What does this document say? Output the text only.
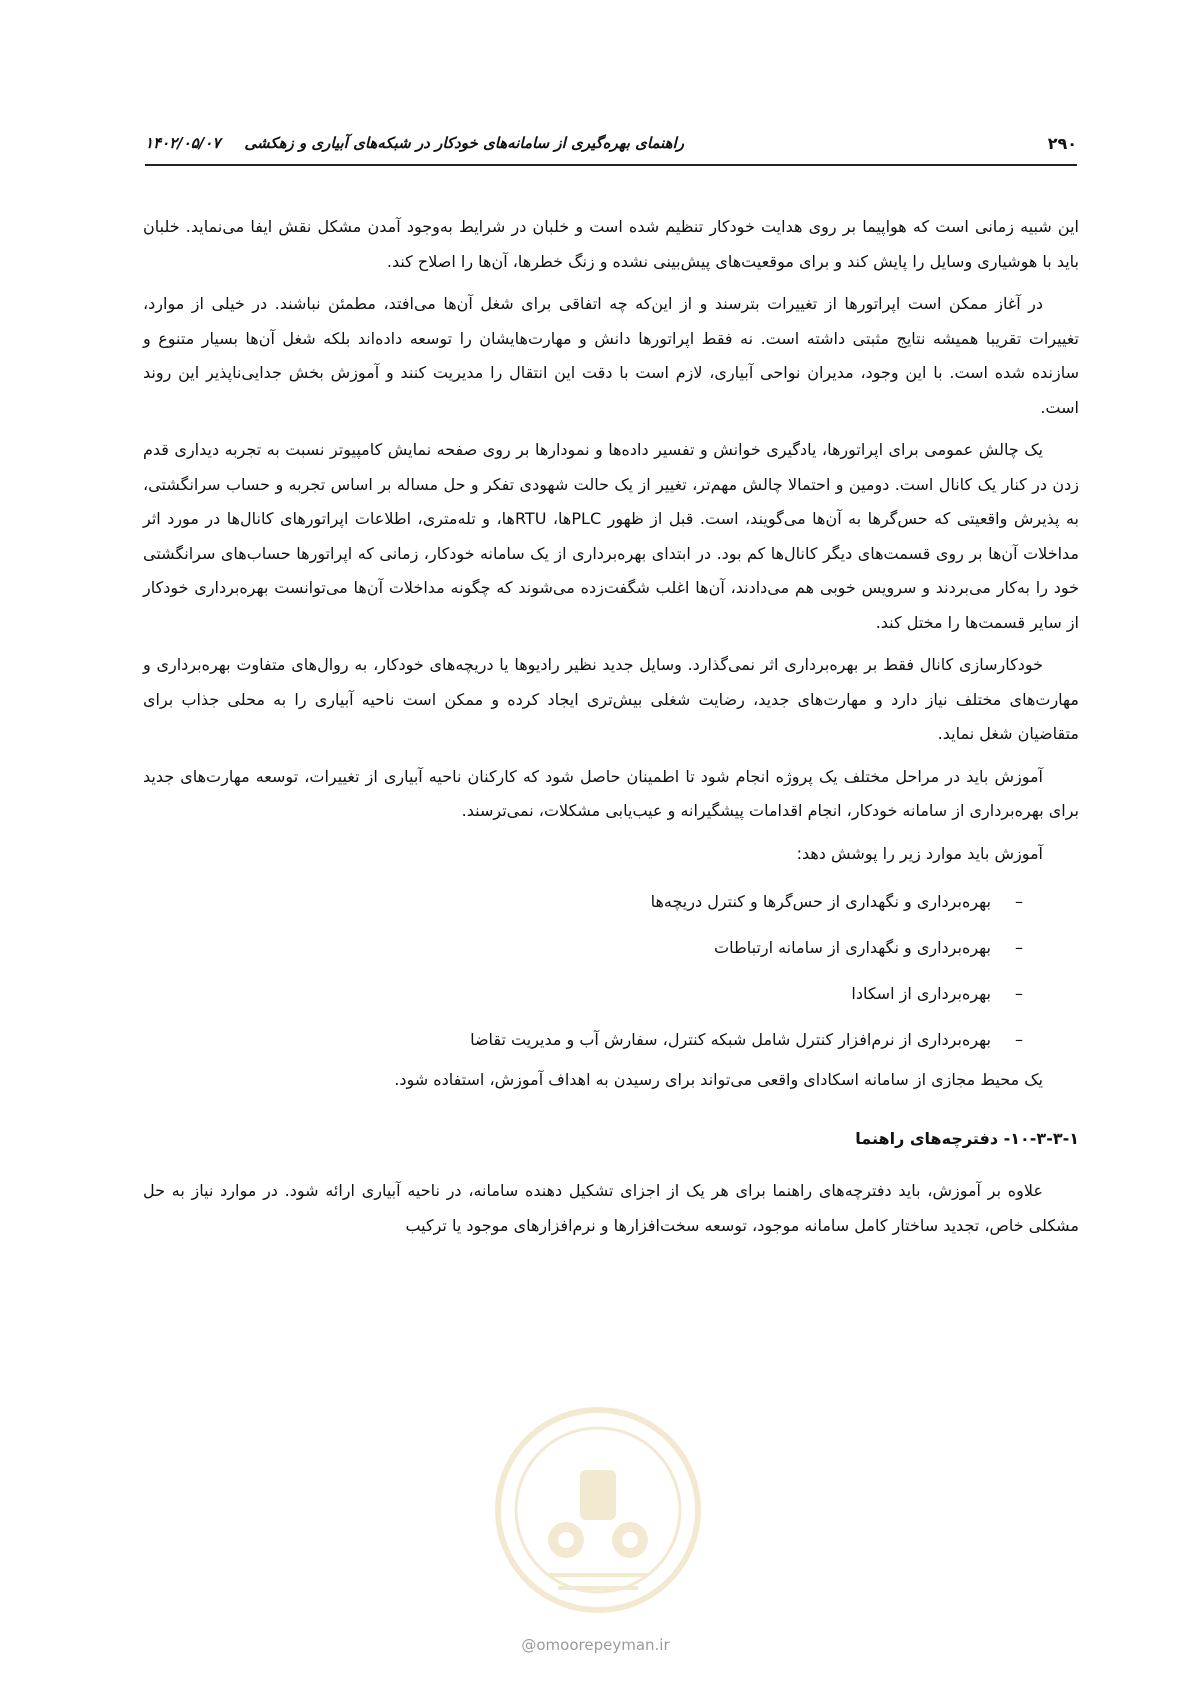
۲۹۰
راهنمای بهره‌گیری از سامانه‌های خودکار در شبکه‌های آبیاری و زهکشی
۱۴۰۲/۰۵/۰۷

این شبیه زمانی است که هواپیما بر روی هدایت خودکار تنظیم شده است و خلبان در شرایط به‌وجود آمدن مشکل نقش ایفا می‌نماید. خلبان باید با هوشیاری وسایل را پایش کند و برای موقعیت‌های پیش‌بینی نشده و زنگ خطرها، آن‌ها را اصلاح کند.

در آغاز ممکن است اپراتورها از تغییرات بترسند و از این‌که چه اتفاقی برای شغل آن‌ها می‌افتد، مطمئن نباشند. در خیلی از موارد، تغییرات تقریبا همیشه نتایج مثبتی داشته است. نه فقط اپراتورها دانش و مهارت‌هایشان را توسعه داده‌اند بلکه شغل آن‌ها بسیار متنوع و سازنده شده است. با این وجود، مدیران نواحی آبیاری، لازم است با دقت این انتقال را مدیریت کنند و آموزش بخش جدایی‌ناپذیر این روند است.

یک چالش عمومی برای اپراتورها، یادگیری خوانش و تفسیر داده‌ها و نمودارها بر روی صفحه نمایش کامپیوتر نسبت به تجربه دیداری قدم زدن در کنار یک کانال است. دومین و احتمالا چالش مهم‌تر، تغییر از یک حالت شهودی تفکر و حل مساله بر اساس تجربه و حساب سرانگشتی، به پذیرش واقعیتی که حس‌گرها به آن‌ها می‌گویند، است. قبل از ظهور PLCها، RTUها، و تله‌متری، اطلاعات اپراتورهای کانال‌ها در مورد اثر مداخلات آن‌ها بر روی قسمت‌های دیگر کانال‌ها کم بود. در ابتدای بهره‌برداری از یک سامانه خودکار، زمانی که اپراتورها حساب‌های سرانگشتی خود را به‌کار می‌بردند و سرویس خوبی هم می‌دادند، آن‌ها اغلب شگفت‌زده می‌شوند که چگونه مداخلات آن‌ها می‌توانست بهره‌برداری خودکار از سایر قسمت‌ها را مختل کند.

خودکارسازی کانال فقط بر بهره‌برداری اثر نمی‌گذارد. وسایل جدید نظیر رادیوها یا دریچه‌های خودکار، به روال‌های متفاوت بهره‌برداری و مهارت‌های مختلف نیاز دارد و مهارت‌های جدید، رضایت شغلی بیش‌تری ایجاد کرده و ممکن است ناحیه آبیاری را به محلی جذاب برای متقاضیان شغل نماید.

آموزش باید در مراحل مختلف یک پروژه انجام شود تا اطمینان حاصل شود که کارکنان ناحیه آبیاری از تغییرات، توسعه مهارت‌های جدید برای بهره‌برداری از سامانه خودکار، انجام اقدامات پیشگیرانه و عیب‌یابی مشکلات، نمی‌ترسند.

آموزش باید موارد زیر را پوشش دهد:

–
بهره‌برداری و نگهداری از حس‌گرها و کنترل دریچه‌ها
–
بهره‌برداری و نگهداری از سامانه ارتباطات
–
بهره‌برداری از اسکادا
–
بهره‌برداری از نرم‌افزار کنترل شامل شبکه کنترل، سفارش آب و مدیریت تقاضا

یک محیط مجازی از سامانه اسکادای واقعی می‌تواند برای رسیدن به اهداف آموزش، استفاده شود.

۱۰-۳-۳-۱- دفترچه‌های راهنما

علاوه بر آموزش، باید دفترچه‌های راهنما برای هر یک از اجزای تشکیل دهنده سامانه، در ناحیه آبیاری ارائه شود. در موارد نیاز به حل مشکلی خاص، تجدید ساختار کامل سامانه موجود، توسعه سخت‌افزارها و نرم‌افزارهای موجود یا ترکیب

@omoorepeyman.ir
